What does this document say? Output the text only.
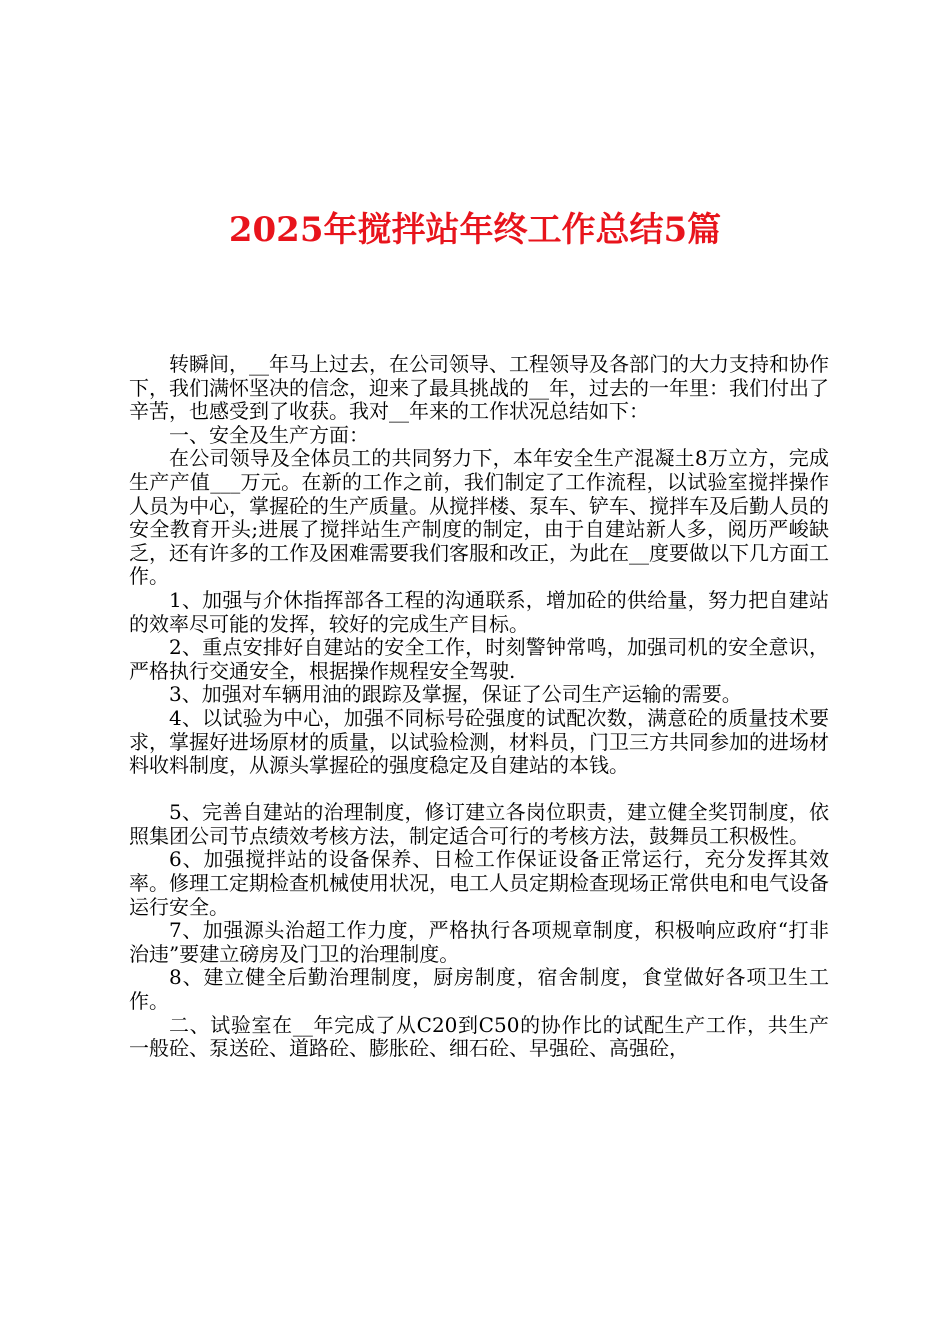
2025年搅拌站年终工作总结5篇

转瞬间，__年马上过去，在公司领导、工程领导及各部门的大力支持和协作下，我们满怀坚决的信念，迎来了最具挑战的__年，过去的一年里：我们付出了辛苦，也感受到了收获。我对__年来的工作状况总结如下：

一、安全及生产方面：

在公司领导及全体员工的共同努力下，本年安全生产混凝土8万立方，完成生产产值___万元。在新的工作之前，我们制定了工作流程，以试验室搅拌操作人员为中心，掌握砼的生产质量。从搅拌楼、泵车、铲车、搅拌车及后勤人员的安全教育开头;进展了搅拌站生产制度的制定，由于自建站新人多，阅历严峻缺乏，还有许多的工作及困难需要我们客服和改正，为此在__度要做以下几方面工作。

1、加强与介休指挥部各工程的沟通联系，增加砼的供给量，努力把自建站的效率尽可能的发挥，较好的完成生产目标。

2、重点安排好自建站的安全工作，时刻警钟常鸣，加强司机的安全意识，严格执行交通安全，根据操作规程安全驾驶.

3、加强对车辆用油的跟踪及掌握，保证了公司生产运输的需要。

4、以试验为中心，加强不同标号砼强度的试配次数，满意砼的质量技术要求，掌握好进场原材的质量，以试验检测，材料员，门卫三方共同参加的进场材料收料制度，从源头掌握砼的强度稳定及自建站的本钱。

5、完善自建站的治理制度，修订建立各岗位职责，建立健全奖罚制度，依照集团公司节点绩效考核方法，制定适合可行的考核方法，鼓舞员工积极性。

6、加强搅拌站的设备保养、日检工作保证设备正常运行，充分发挥其效率。修理工定期检查机械使用状况，电工人员定期检查现场正常供电和电气设备运行安全。

7、加强源头治超工作力度，严格执行各项规章制度，积极响应政府“打非治违”要建立磅房及门卫的治理制度。

8、建立健全后勤治理制度，厨房制度，宿舍制度，食堂做好各项卫生工作。

二、试验室在__年完成了从C20到C50的协作比的试配生产工作，共生产一般砼、泵送砼、道路砼、膨胀砼、细石砼、早强砼、高强砼，
